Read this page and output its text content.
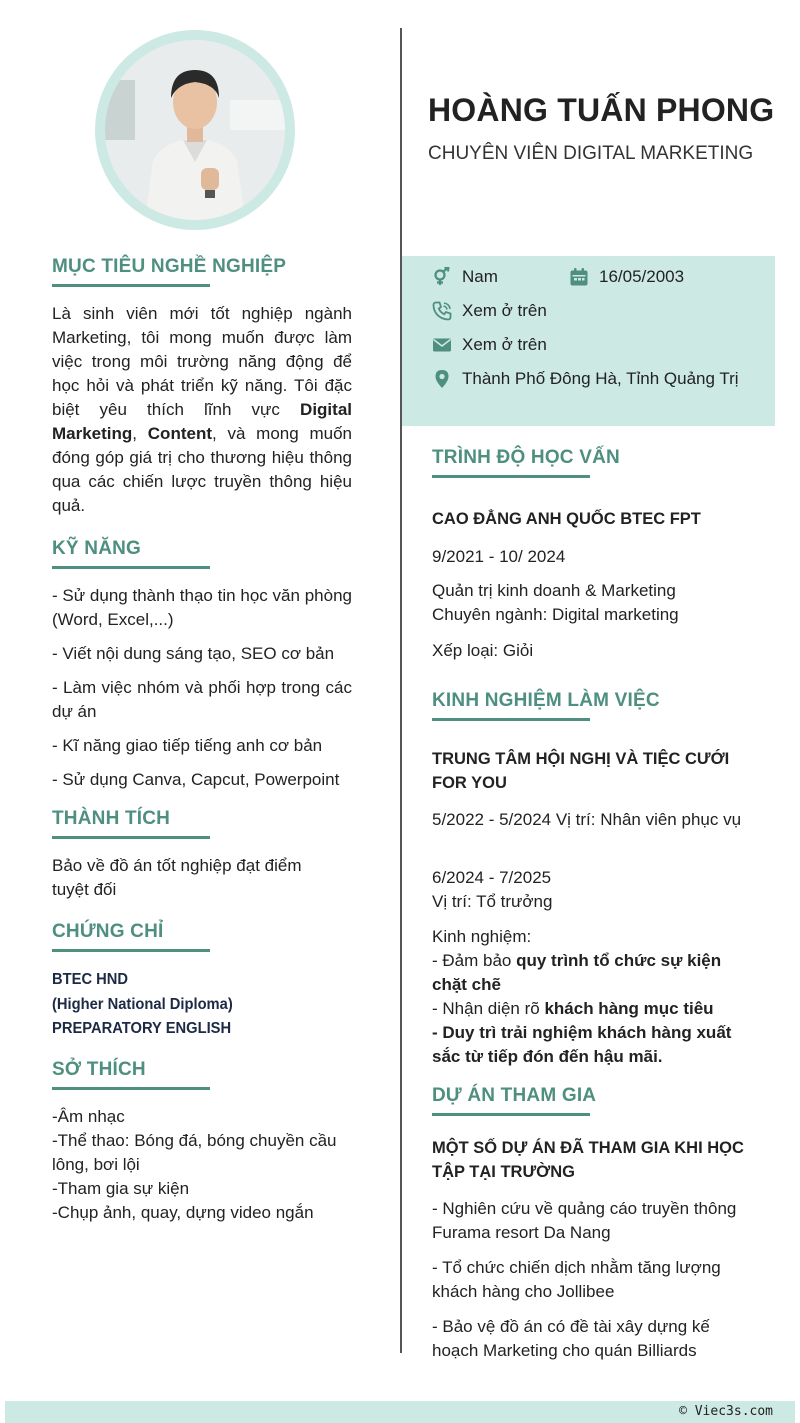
MỤC TIÊU NGHỀ NGHIỆP

Là sinh viên mới tốt nghiệp ngành Marketing, tôi mong muốn được làm việc trong môi trường năng động để học hỏi và phát triển kỹ năng. Tôi đặc biệt yêu thích lĩnh vực Digital Marketing, Content, và mong muốn đóng góp giá trị cho thương hiệu thông qua các chiến lược truyền thông hiệu quả.

KỸ NĂNG

- Sử dụng thành thạo tin học văn phòng (Word, Excel,...)

- Viết nội dung sáng tạo, SEO cơ bản

- Làm việc nhóm và phối hợp trong các dự án

- Kĩ năng giao tiếp tiếng anh cơ bản

- Sử dụng Canva, Capcut, Powerpoint

THÀNH TÍCH

Bảo về đồ án tốt nghiệp đạt điểm tuyệt đối

CHỨNG CHỈ
BTEC HND
(Higher National Diploma)
PREPARATORY ENGLISH
SỞ THÍCH

-Âm nhạc

-Thể thao: Bóng đá, bóng chuyền cầu lông, bơi lội

-Tham gia sự kiện

-Chụp ảnh, quay, dựng video ngắn

HOÀNG TUẤN PHONG
CHUYÊN VIÊN DIGITAL MARKETING
Nam	16/05/2003
Xem ở trên
Xem ở trên
Thành Phố Đông Hà, Tỉnh Quảng Trị
TRÌNH ĐỘ HỌC VẤN

CAO ĐẲNG ANH QUỐC BTEC FPT

9/2021 - 10/ 2024

Quản trị kinh doanh & Marketing

Chuyên ngành: Digital marketing

Xếp loại: Giỏi

KINH NGHIỆM LÀM VIỆC

TRUNG TÂM HỘI NGHỊ VÀ TIỆC CƯỚI FOR YOU

5/2022 - 5/2024 Vị trí: Nhân viên phục vụ

6/2024 - 7/2025

Vị trí: Tổ trưởng

Kinh nghiệm:

- Đảm bảo quy trình tổ chức sự kiện chặt chẽ

- Nhận diện rõ khách hàng mục tiêu

- Duy trì trải nghiệm khách hàng xuất sắc từ tiếp đón đến hậu mãi.

DỰ ÁN THAM GIA

MỘT SỐ DỰ ÁN ĐÃ THAM GIA KHI HỌC TẬP TẠI TRƯỜNG

- Nghiên cứu về quảng cáo truyền thông Furama resort Da Nang

- Tổ chức chiến dịch nhằm tăng lượng khách hàng cho Jollibee

- Bảo vệ đồ án có đề tài xây dựng kế hoạch Marketing cho quán Billiards

© Viec3s.com
